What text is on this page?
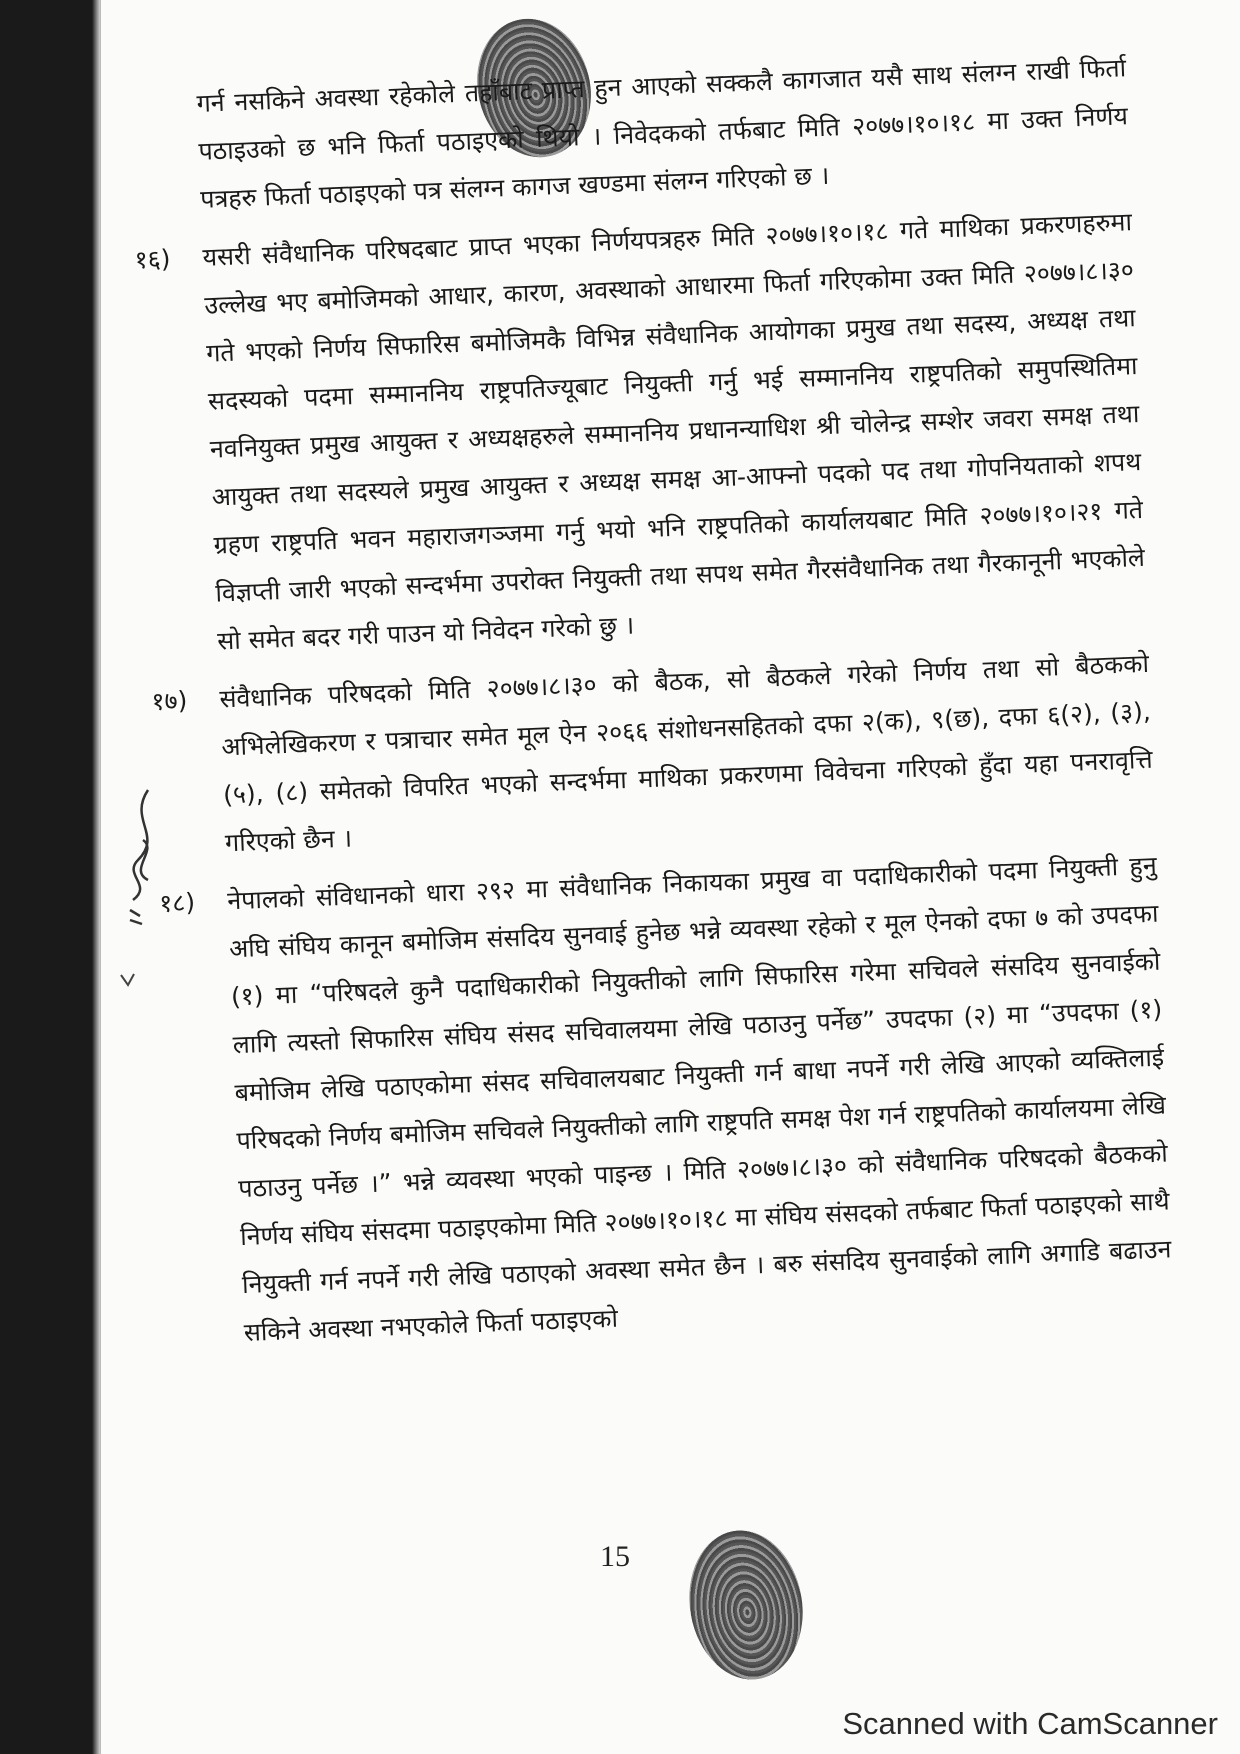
गर्न नसकिने अवस्था रहेकोले तहाँबाट प्राप्त हुन आएको सक्कलै कागजात यसै साथ संलग्न राखी फिर्ता पठाइउको छ भनि फिर्ता पठाइएको थियो । निवेदकको तर्फबाट मिति २०७७।१०।१८ मा उक्त निर्णय पत्रहरु फिर्ता पठाइएको पत्र संलग्न कागज खण्डमा संलग्न गरिएको छ ।

१६) यसरी संवैधानिक परिषदबाट प्राप्त भएका निर्णयपत्रहरु मिति २०७७।१०।१८ गते माथिका प्रकरणहरुमा उल्लेख भए बमोजिमको आधार, कारण, अवस्थाको आधारमा फिर्ता गरिएकोमा उक्त मिति २०७७।८।३० गते भएको निर्णय सिफारिस बमोजिमकै विभिन्न संवैधानिक आयोगका प्रमुख तथा सदस्य, अध्यक्ष तथा सदस्यको पदमा सम्माननिय राष्ट्रपतिज्यूबाट नियुक्ती गर्नु भई सम्माननिय राष्ट्रपतिको समुपस्थितिमा नवनियुक्त प्रमुख आयुक्त र अध्यक्षहरुले सम्माननिय प्रधानन्याधिश श्री चोलेन्द्र सम्शेर जवरा समक्ष तथा आयुक्त तथा सदस्यले प्रमुख आयुक्त र अध्यक्ष समक्ष आ-आफ्नो पदको पद तथा गोपनियताको शपथ ग्रहण राष्ट्रपति भवन महाराजगञ्जमा गर्नु भयो भनि राष्ट्रपतिको कार्यालयबाट मिति २०७७।१०।२१ गते विज्ञप्ती जारी भएको सन्दर्भमा उपरोक्त नियुक्ती तथा सपथ समेत गैरसंवैधानिक तथा गैरकानूनी भएकोले सो समेत बदर गरी पाउन यो निवेदन गरेको छु ।

१७) संवैधानिक परिषदको मिति २०७७।८।३० को बैठक, सो बैठकले गरेको निर्णय तथा सो बैठकको अभिलेखिकरण र पत्राचार समेत मूल ऐन २०६६ संशोधनसहितको दफा २(क), ९(छ), दफा ६(२), (३), (५), (८) समेतको विपरित भएको सन्दर्भमा माथिका प्रकरणमा विवेचना गरिएको हुँदा यहा पनरावृत्ति गरिएको छैन ।

१८) नेपालको संविधानको धारा २९२ मा संवैधानिक निकायका प्रमुख वा पदाधिकारीको पदमा नियुक्ती हुनु अघि संघिय कानून बमोजिम संसदिय सुनवाई हुनेछ भन्ने व्यवस्था रहेको र मूल ऐनको दफा ७ को उपदफा (१) मा “परिषदले कुनै पदाधिकारीको नियुक्तीको लागि सिफारिस गरेमा सचिवले संसदिय सुनवाईको लागि त्यस्तो सिफारिस संघिय संसद सचिवालयमा लेखि पठाउनु पर्नेछ” उपदफा (२) मा “उपदफा (१) बमोजिम लेखि पठाएकोमा संसद सचिवालयबाट नियुक्ती गर्न बाधा नपर्ने गरी लेखि आएको व्यक्तिलाई परिषदको निर्णय बमोजिम सचिवले नियुक्तीको लागि राष्ट्रपति समक्ष पेश गर्न राष्ट्रपतिको कार्यालयमा लेखि पठाउनु पर्नेछ ।” भन्ने व्यवस्था भएको पाइन्छ । मिति २०७७।८।३० को संवैधानिक परिषदको बैठकको निर्णय संघिय संसदमा पठाइएकोमा मिति २०७७।१०।१८ मा संघिय संसदको तर्फबाट फिर्ता पठाइएको साथै नियुक्ती गर्न नपर्ने गरी लेखि पठाएको अवस्था समेत छैन । बरु संसदिय सुनवाईको लागि अगाडि बढाउन सकिने अवस्था नभएकोले फिर्ता पठाइएको

15
Scanned with CamScanner
